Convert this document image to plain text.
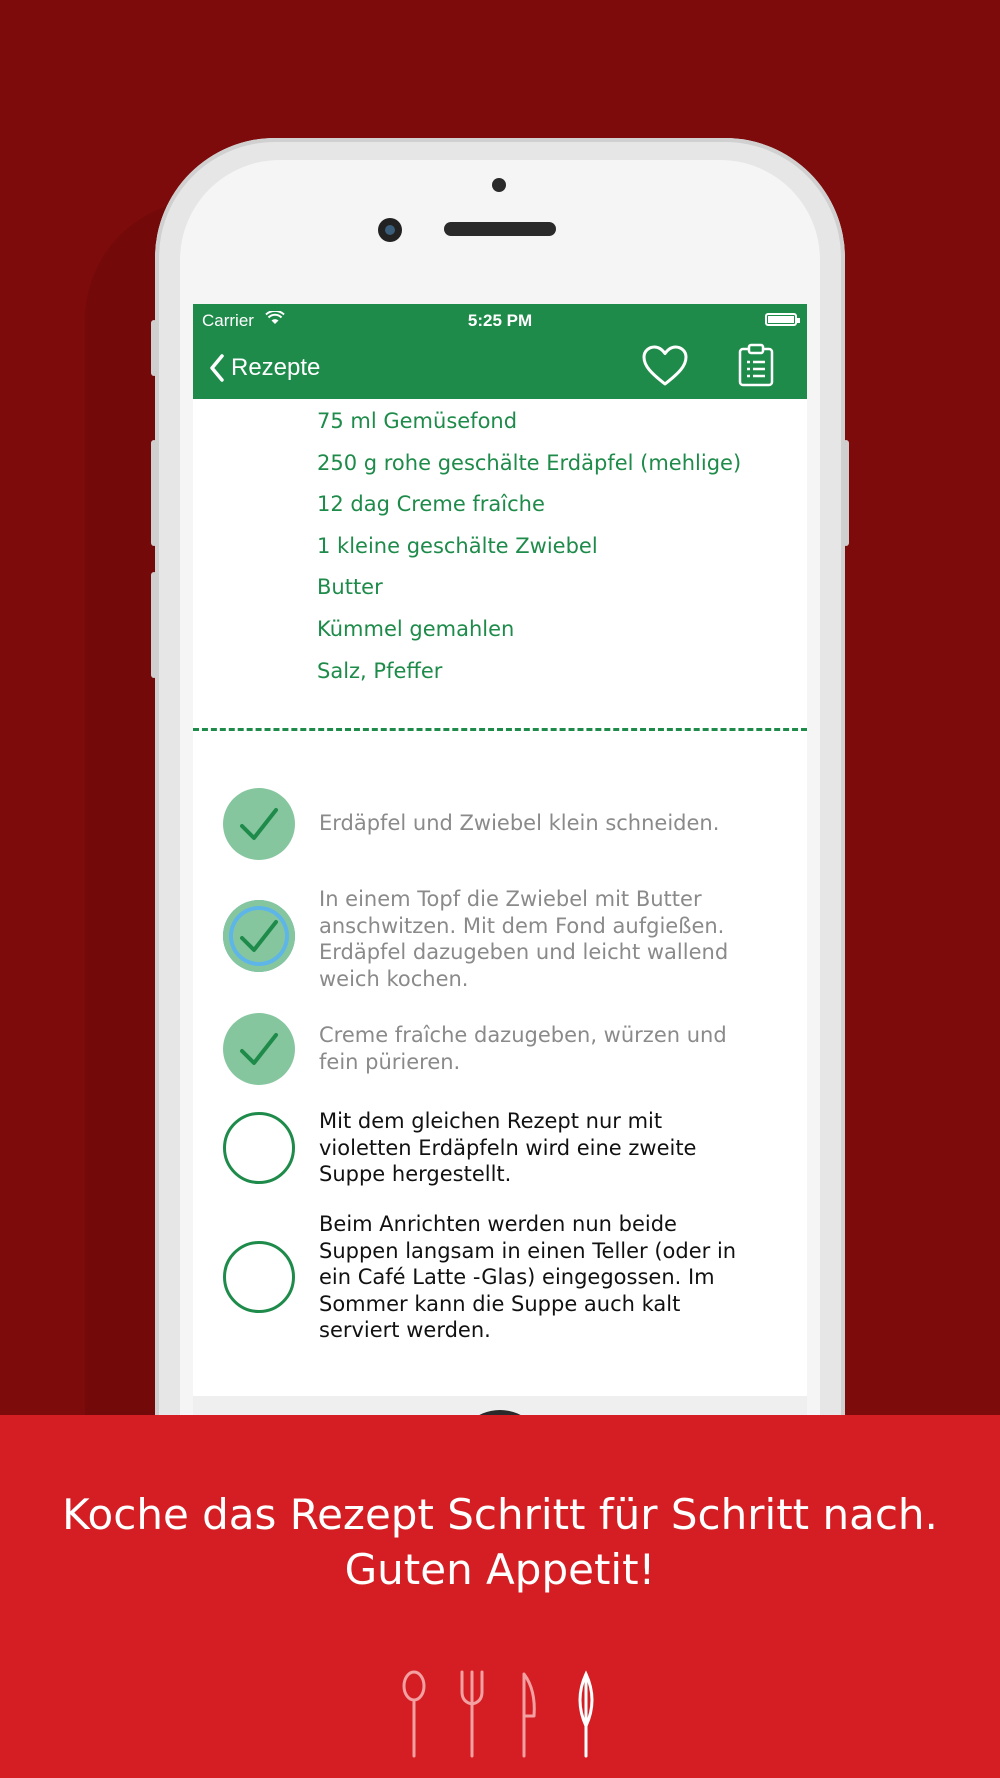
Carrier	5:25 PM
Rezepte
75 ml Gemüsefond
250 g rohe geschälte Erdäpfel (mehlige)
12 dag Creme fraîche
1 kleine geschälte Zwiebel
Butter
Kümmel gemahlen
Salz, Pfeffer
Erdäpfel und Zwiebel klein schneiden.
In einem Topf die Zwiebel mit Butter anschwitzen. Mit dem Fond aufgießen. Erdäpfel dazugeben und leicht wallend weich kochen.
Creme fraîche dazugeben, würzen und fein pürieren.
Mit dem gleichen Rezept nur mit violetten Erdäpfeln wird eine zweite Suppe hergestellt.
Beim Anrichten werden nun beide Suppen langsam in einen Teller (oder in ein Café Latte -Glas) eingegossen. Im Sommer kann die Suppe auch kalt serviert werden.
Koche das Rezept Schritt für Schritt nach.
Guten Appetit!
